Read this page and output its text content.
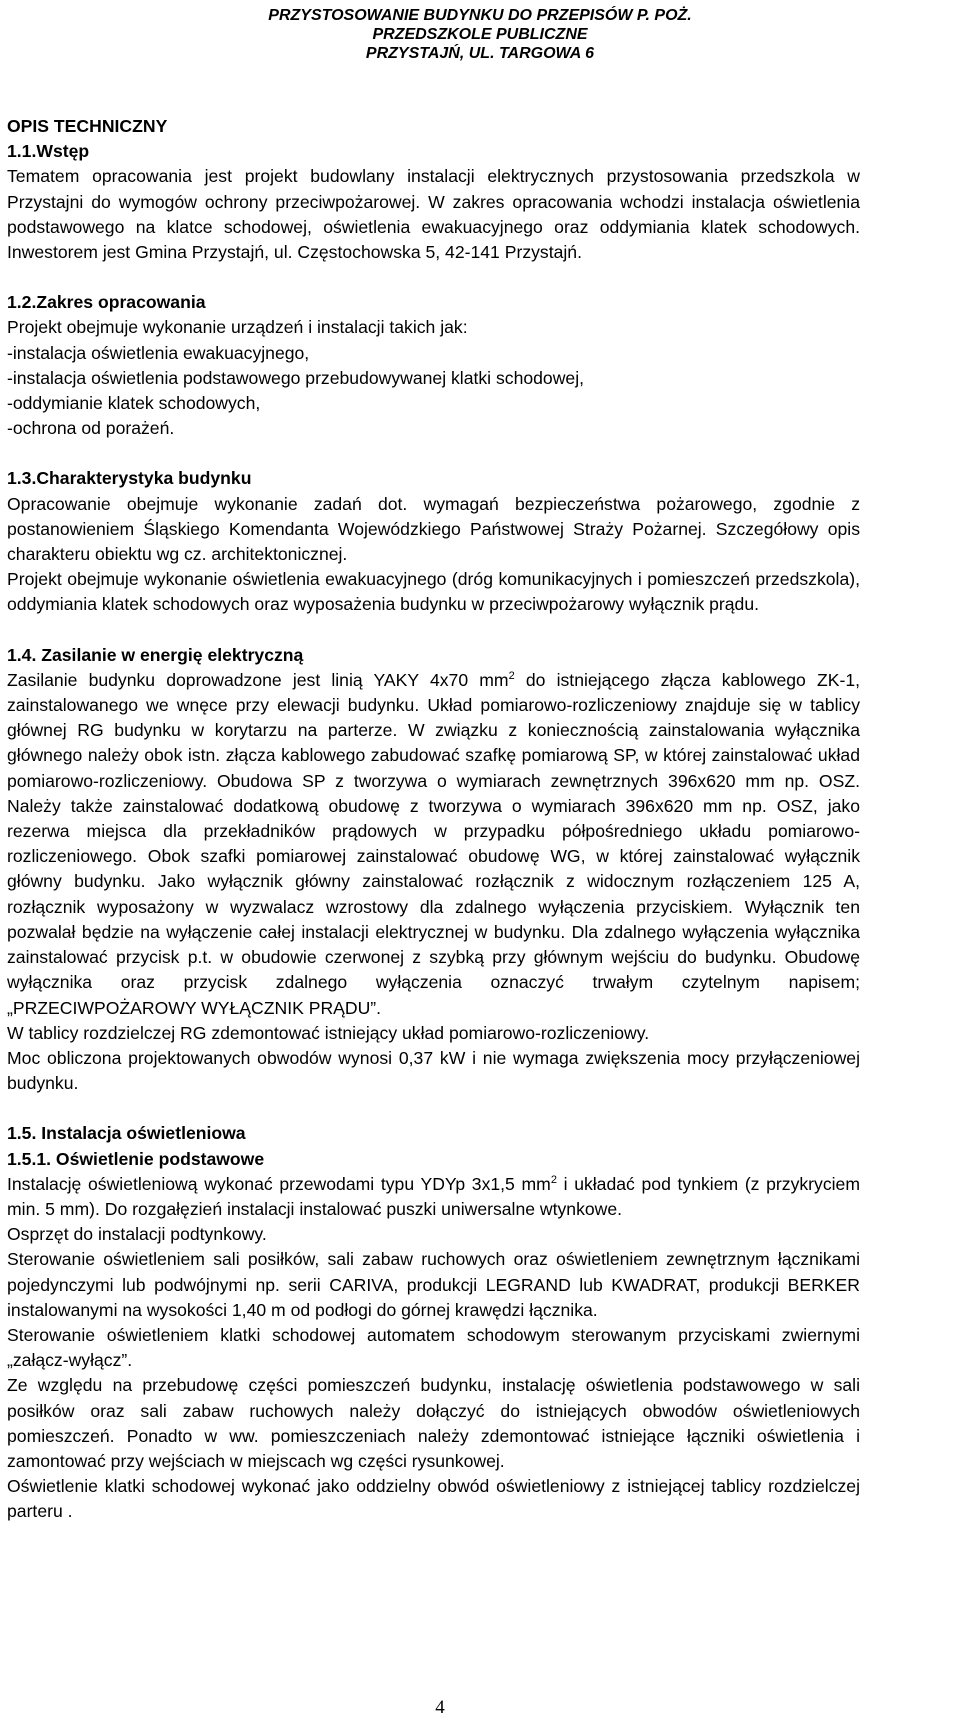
PRZYSTOSOWANIE BUDYNKU DO PRZEPISÓW P. POŻ.
PRZEDSZKOLE PUBLICZNE
PRZYSTAJŃ, UL. TARGOWA 6

OPIS TECHNICZNY

1.1.Wstęp

Tematem opracowania jest projekt budowlany instalacji elektrycznych przystosowania przedszkola w Przystajni do wymogów ochrony przeciwpożarowej. W zakres opracowania wchodzi instalacja oświetlenia podstawowego na klatce schodowej, oświetlenia ewakuacyjnego oraz oddymiania klatek schodowych. Inwestorem jest Gmina Przystajń, ul. Częstochowska 5, 42-141 Przystajń.

1.2.Zakres opracowania

Projekt obejmuje wykonanie urządzeń i instalacji takich jak:

-instalacja oświetlenia ewakuacyjnego,

-instalacja oświetlenia podstawowego przebudowywanej klatki schodowej,

-oddymianie klatek schodowych,

-ochrona od porażeń.

1.3.Charakterystyka budynku

Opracowanie obejmuje wykonanie zadań dot. wymagań bezpieczeństwa pożarowego, zgodnie z postanowieniem Śląskiego Komendanta Wojewódzkiego Państwowej Straży Pożarnej. Szczegółowy opis charakteru obiektu wg cz. architektonicznej.

Projekt obejmuje wykonanie oświetlenia ewakuacyjnego (dróg komunikacyjnych i pomieszczeń przedszkola), oddymiania klatek schodowych oraz wyposażenia budynku w przeciwpożarowy wyłącznik prądu.

1.4. Zasilanie w energię elektryczną

Zasilanie budynku doprowadzone jest linią YAKY 4x70 $mm^2$ do istniejącego złącza kablowego ZK-1, zainstalowanego we wnęce przy elewacji budynku. Układ pomiarowo-rozliczeniowy znajduje się w tablicy głównej RG budynku w korytarzu na parterze. W związku z koniecznością zainstalowania wyłącznika głównego należy obok istn. złącza kablowego zabudować szafkę pomiarową SP, w której zainstalować układ pomiarowo-rozliczeniowy. Obudowa SP z tworzywa o wymiarach zewnętrznych 396x620 mm np. OSZ. Należy także zainstalować dodatkową obudowę z tworzywa o wymiarach 396x620 mm np. OSZ, jako rezerwa miejsca dla przekładników prądowych w przypadku półpośredniego układu pomiarowo-rozliczeniowego. Obok szafki pomiarowej zainstalować obudowę WG, w której zainstalować wyłącznik główny budynku. Jako wyłącznik główny zainstalować rozłącznik z widocznym rozłączeniem 125 A, rozłącznik wyposażony w wyzwalacz wzrostowy dla zdalnego wyłączenia przyciskiem. Wyłącznik ten pozwalał będzie na wyłączenie całej instalacji elektrycznej w budynku. Dla zdalnego wyłączenia wyłącznika zainstalować przycisk p.t. w obudowie czerwonej z szybką przy głównym wejściu do budynku. Obudowę wyłącznika oraz przycisk zdalnego wyłączenia oznaczyć trwałym czytelnym napisem; „PRZECIWPOŻAROWY WYŁĄCZNIK PRĄDU”.

W tablicy rozdzielczej RG zdemontować istniejący układ pomiarowo-rozliczeniowy.

Moc obliczona projektowanych obwodów wynosi 0,37 kW i nie wymaga zwiększenia mocy przyłączeniowej budynku.

1.5. Instalacja oświetleniowa

1.5.1. Oświetlenie podstawowe

Instalację oświetleniową wykonać przewodami typu YDYp 3x1,5 $mm^2$ i układać pod tynkiem (z przykryciem min. 5 mm). Do rozgałęzień instalacji instalować puszki uniwersalne wtynkowe.

Osprzęt do instalacji podtynkowy.

Sterowanie oświetleniem sali posiłków, sali zabaw ruchowych oraz oświetleniem zewnętrznym łącznikami pojedynczymi lub podwójnymi np. serii CARIVA, produkcji LEGRAND lub KWADRAT, produkcji BERKER instalowanymi na wysokości 1,40 m od podłogi do górnej krawędzi łącznika.

Sterowanie oświetleniem klatki schodowej automatem schodowym sterowanym przyciskami zwiernymi „załącz-wyłącz”.

Ze względu na przebudowę części pomieszczeń budynku, instalację oświetlenia podstawowego w sali posiłków oraz sali zabaw ruchowych należy dołączyć do istniejących obwodów oświetleniowych pomieszczeń. Ponadto w ww. pomieszczeniach należy zdemontować istniejące łączniki oświetlenia i zamontować przy wejściach w miejscach wg części rysunkowej.

Oświetlenie klatki schodowej wykonać jako oddzielny obwód oświetleniowy z istniejącej tablicy rozdzielczej parteru .

4
